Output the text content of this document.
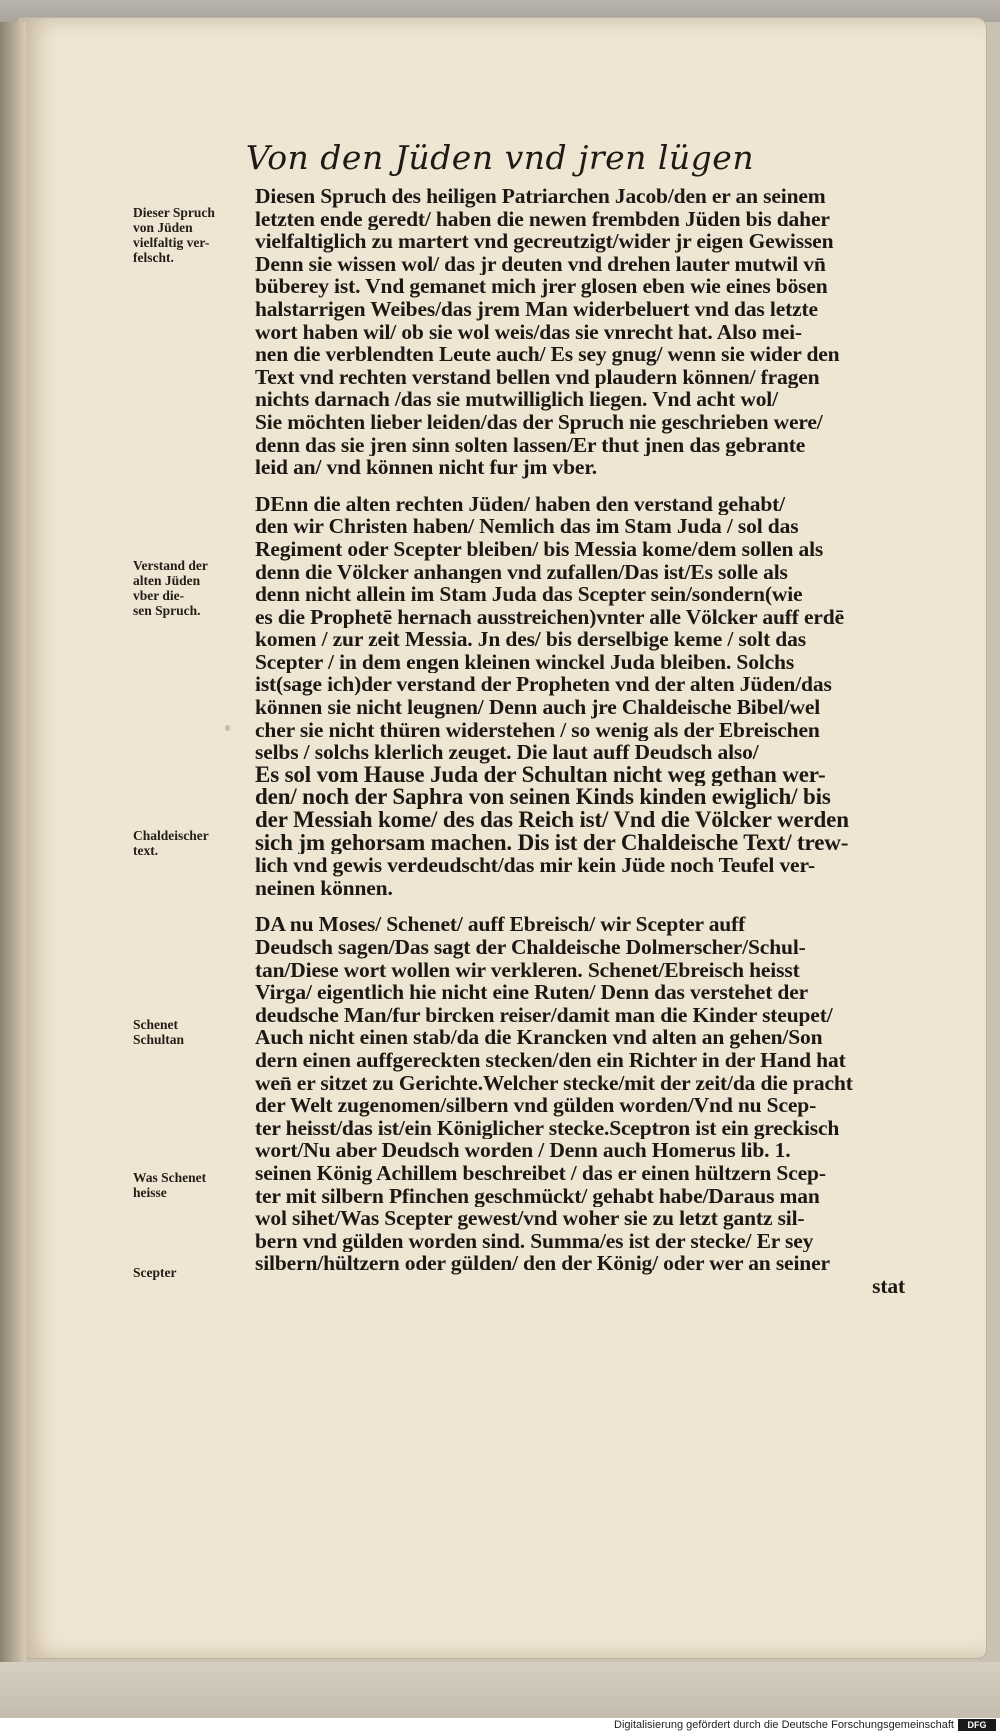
Von den Jüden vnd jren lügen
Diesen Spruch des heiligen Patriarchen Jacob/den er an seinem
letzten ende geredt/ haben die newen frembden Jüden bis daher
vielfaltiglich zu martert vnd gecreutzigt/wider jr eigen Gewissen
Denn sie wissen wol/ das jr deuten vnd drehen lauter mutwil vn̄
büberey ist. Vnd gemanet mich jrer glosen eben wie eines bösen
halstarrigen Weibes/das jrem Man widerbeluert vnd das letzte
wort haben wil/ ob sie wol weis/das sie vnrecht hat. Also mei-
nen die verblendten Leute auch/ Es sey gnug/ wenn sie wider den
Text vnd rechten verstand bellen vnd plaudern können/ fragen
nichts darnach /das sie mutwilliglich liegen. Vnd acht wol/
Sie möchten lieber leiden/das der Spruch nie geschrieben were/
denn das sie jren sinn solten lassen/Er thut jnen das gebrante
leid an/ vnd können nicht fur jm vber.
DEnn die alten rechten Jüden/ haben den verstand gehabt/
den wir Christen haben/ Nemlich das im Stam Juda / sol das
Regiment oder Scepter bleiben/ bis Messia kome/dem sollen als
denn die Völcker anhangen vnd zufallen/Das ist/Es solle als
denn nicht allein im Stam Juda das Scepter sein/sondern(wie
es die Prophetē hernach ausstreichen)vnter alle Völcker auff erdē
komen / zur zeit Messia. Jn des/ bis derselbige keme / solt das
Scepter / in dem engen kleinen winckel Juda bleiben. Solchs
ist(sage ich)der verstand der Propheten vnd der alten Jüden/das
können sie nicht leugnen/ Denn auch jre Chaldeische Bibel/wel
cher sie nicht thüren widerstehen / so wenig als der Ebreischen
selbs / solchs klerlich zeuget. Die laut auff Deudsch also/
Es sol vom Hause Juda der Schultan nicht weg gethan wer-
den/ noch der Saphra von seinen Kinds kinden ewiglich/ bis
der Messiah kome/ des das Reich ist/ Vnd die Völcker werden
sich jm gehorsam machen. Dis ist der Chaldeische Text/ trew-
lich vnd gewis verdeudscht/das mir kein Jüde noch Teufel ver-
neinen können.
DA nu Moses/ Schenet/ auff Ebreisch/ wir Scepter auff
Deudsch sagen/Das sagt der Chaldeische Dolmerscher/Schul-
tan/Diese wort wollen wir verkleren. Schenet/Ebreisch heisst
Virga/ eigentlich hie nicht eine Ruten/ Denn das verstehet der
deudsche Man/fur bircken reiser/damit man die Kinder steupet/
Auch nicht einen stab/da die Krancken vnd alten an gehen/Son
dern einen auffgereckten stecken/den ein Richter in der Hand hat
wen̄ er sitzet zu Gerichte.Welcher stecke/mit der zeit/da die pracht
der Welt zugenomen/silbern vnd gülden worden/Vnd nu Scep-
ter heisst/das ist/ein Königlicher stecke.Sceptron ist ein greckisch
wort/Nu aber Deudsch worden / Denn auch Homerus lib. 1.
seinen König Achillem beschreibet / das er einen hültzern Scep-
ter mit silbern Pfinchen geschmückt/ gehabt habe/Daraus man
wol sihet/Was Scepter gewest/vnd woher sie zu letzt gantz sil-
bern vnd gülden worden sind. Summa/es ist der stecke/ Er sey
silbern/hültzern oder gülden/ den der König/ oder wer an seiner
stat
Dieser Spruch
von Jüden
vielfaltig ver-
felscht.
Verstand der
alten Jüden
vber die-
sen Spruch.
Chaldeischer
text.
Schenet
Schultan
Was Schenet
heisse
Scepter
Digitalisierung gefördert durch die Deutsche Forschungsgemeinschaft	DFG
